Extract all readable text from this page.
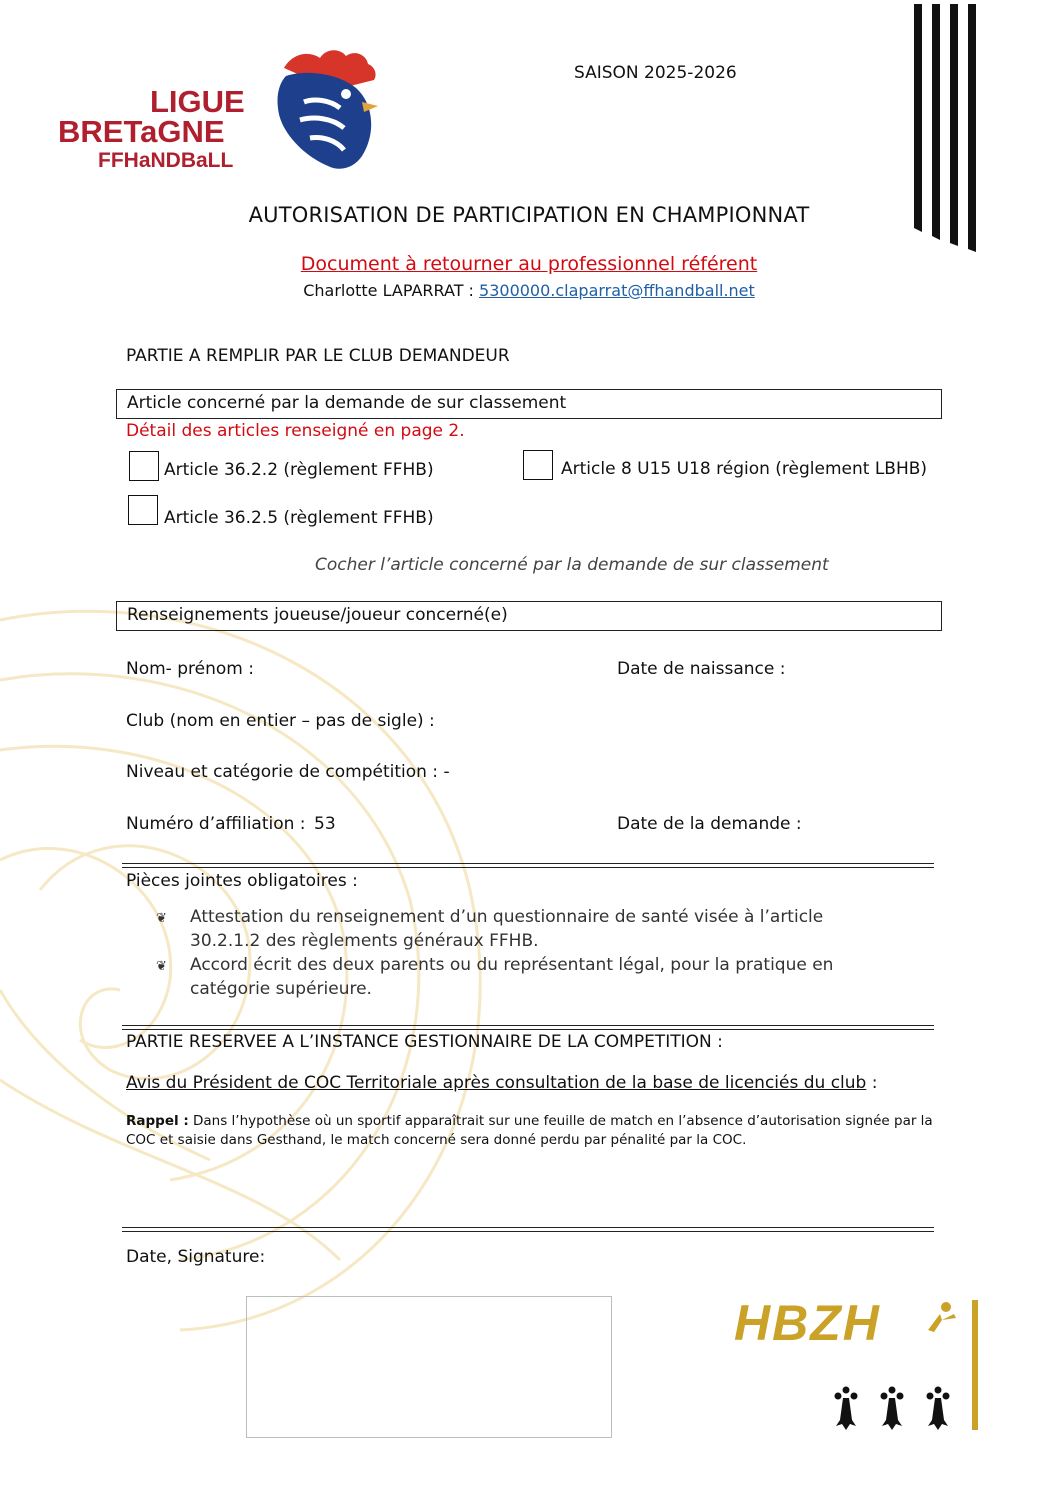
LIGUE
BRETaGNE
FFHaNDBaLL
SAISON 2025-2026
AUTORISATION DE PARTICIPATION EN CHAMPIONNAT
Document à retourner au professionnel référent
Charlotte LAPARRAT : 5300000.claparrat@ffhandball.net
PARTIE A REMPLIR PAR LE CLUB DEMANDEUR
Article concerné par la demande de sur classement
Détail des articles renseigné en page 2.
Article 36.2.2 (règlement FFHB)	Article 8 U15 U18 région (règlement LBHB)
Article 36.2.5 (règlement FFHB)
Cocher l’article concerné par la demande de sur classement
Renseignements joueuse/joueur concerné(e)
Nom- prénom :	Date de naissance :
Club (nom en entier – pas de sigle) :
Niveau et catégorie de compétition : -
Numéro d’affiliation : 53	Date de la demande :
Pièces jointes obligatoires :
❦	Attestation du renseignement d’un questionnaire de santé visée à l’article 30.2.1.2 des règlements généraux FFHB.
❦	Accord écrit des deux parents ou du représentant légal, pour la pratique en catégorie supérieure.
PARTIE RESERVEE A L’INSTANCE GESTIONNAIRE DE LA COMPETITION :
Avis du Président de COC Territoriale après consultation de la base de licenciés du club :
Rappel : Dans l’hypothèse où un sportif apparaîtrait sur une feuille de match en l’absence d’autorisation signée par la COC et saisie dans Gesthand, le match concerné sera donné perdu par pénalité par la COC.
Date, Signature:
HBZH
